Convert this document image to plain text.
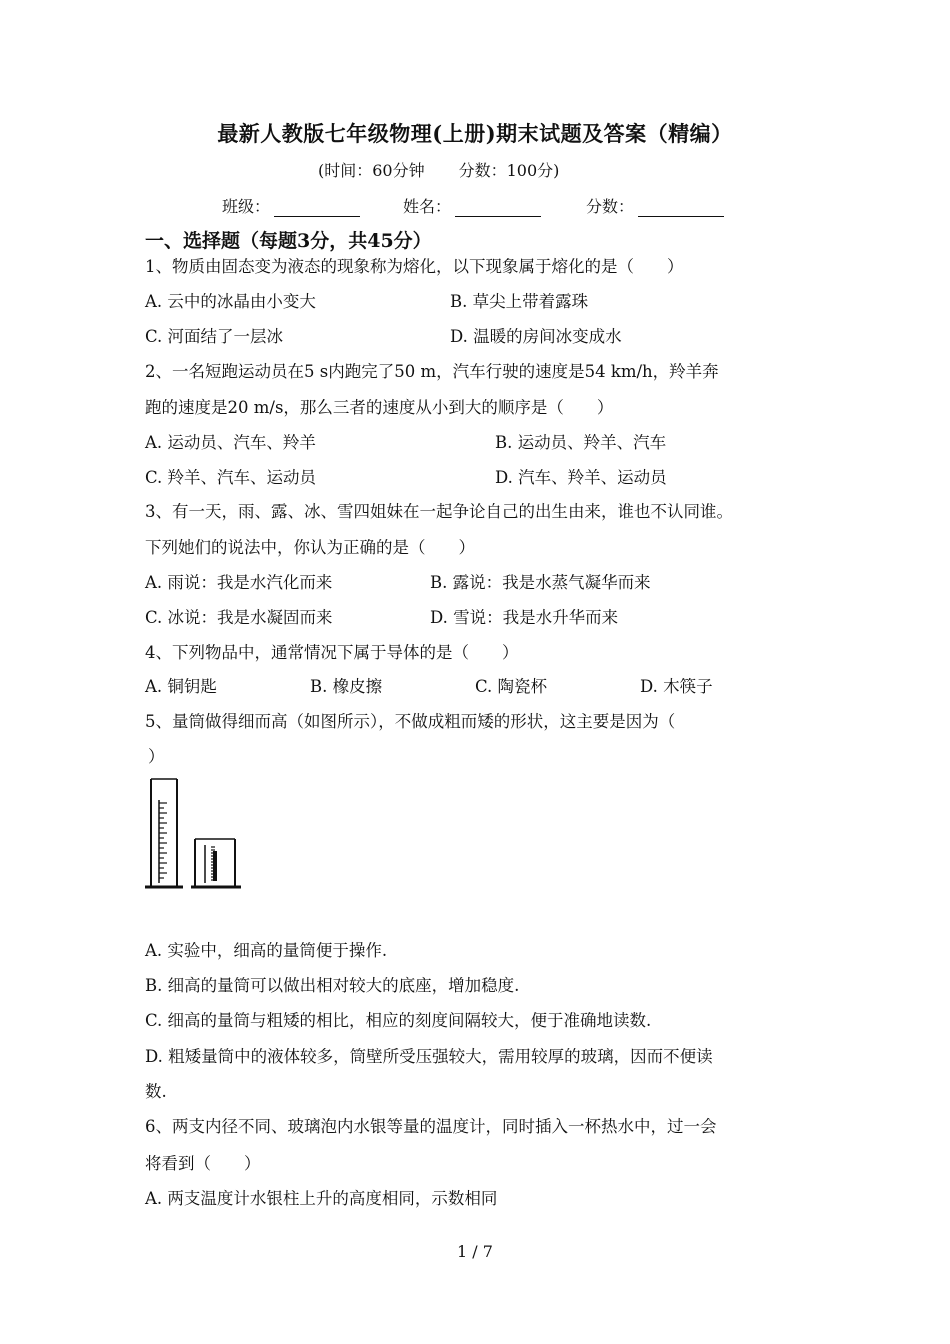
最新人教版七年级物理(上册)期末试题及答案（精编）
(时间：60分钟 分数：100分)
班级：	姓名：	分数：
一、选择题（每题3分，共45分）
1、物质由固态变为液态的现象称为熔化，以下现象属于熔化的是（　　）
A. 云中的冰晶由小变大	B. 草尖上带着露珠
C. 河面结了一层冰	D. 温暖的房间冰变成水
2、一名短跑运动员在5 s内跑完了50 m，汽车行驶的速度是54 km/h，羚羊奔
跑的速度是20 m/s，那么三者的速度从小到大的顺序是（　　）
A. 运动员、汽车、羚羊	B. 运动员、羚羊、汽车
C. 羚羊、汽车、运动员	D. 汽车、羚羊、运动员
3、有一天，雨、露、冰、雪四姐妹在一起争论自己的出生由来，谁也不认同谁。
下列她们的说法中，你认为正确的是（　　）
A. 雨说：我是水汽化而来	B. 露说：我是水蒸气凝华而来
C. 冰说：我是水凝固而来	D. 雪说：我是水升华而来
4、下列物品中，通常情况下属于导体的是（　　）
A. 铜钥匙	B. 橡皮擦	C. 陶瓷杯	D. 木筷子
5、量筒做得细而高（如图所示），不做成粗而矮的形状，这主要是因为（
）
A. 实验中，细高的量筒便于操作.
B. 细高的量筒可以做出相对较大的底座，增加稳度.
C. 细高的量筒与粗矮的相比，相应的刻度间隔较大，便于准确地读数.
D. 粗矮量筒中的液体较多，筒壁所受压强较大，需用较厚的玻璃，因而不便读
数.
6、两支内径不同、玻璃泡内水银等量的温度计，同时插入一杯热水中，过一会
将看到（　　）
A. 两支温度计水银柱上升的高度相同，示数相同
1 / 7
